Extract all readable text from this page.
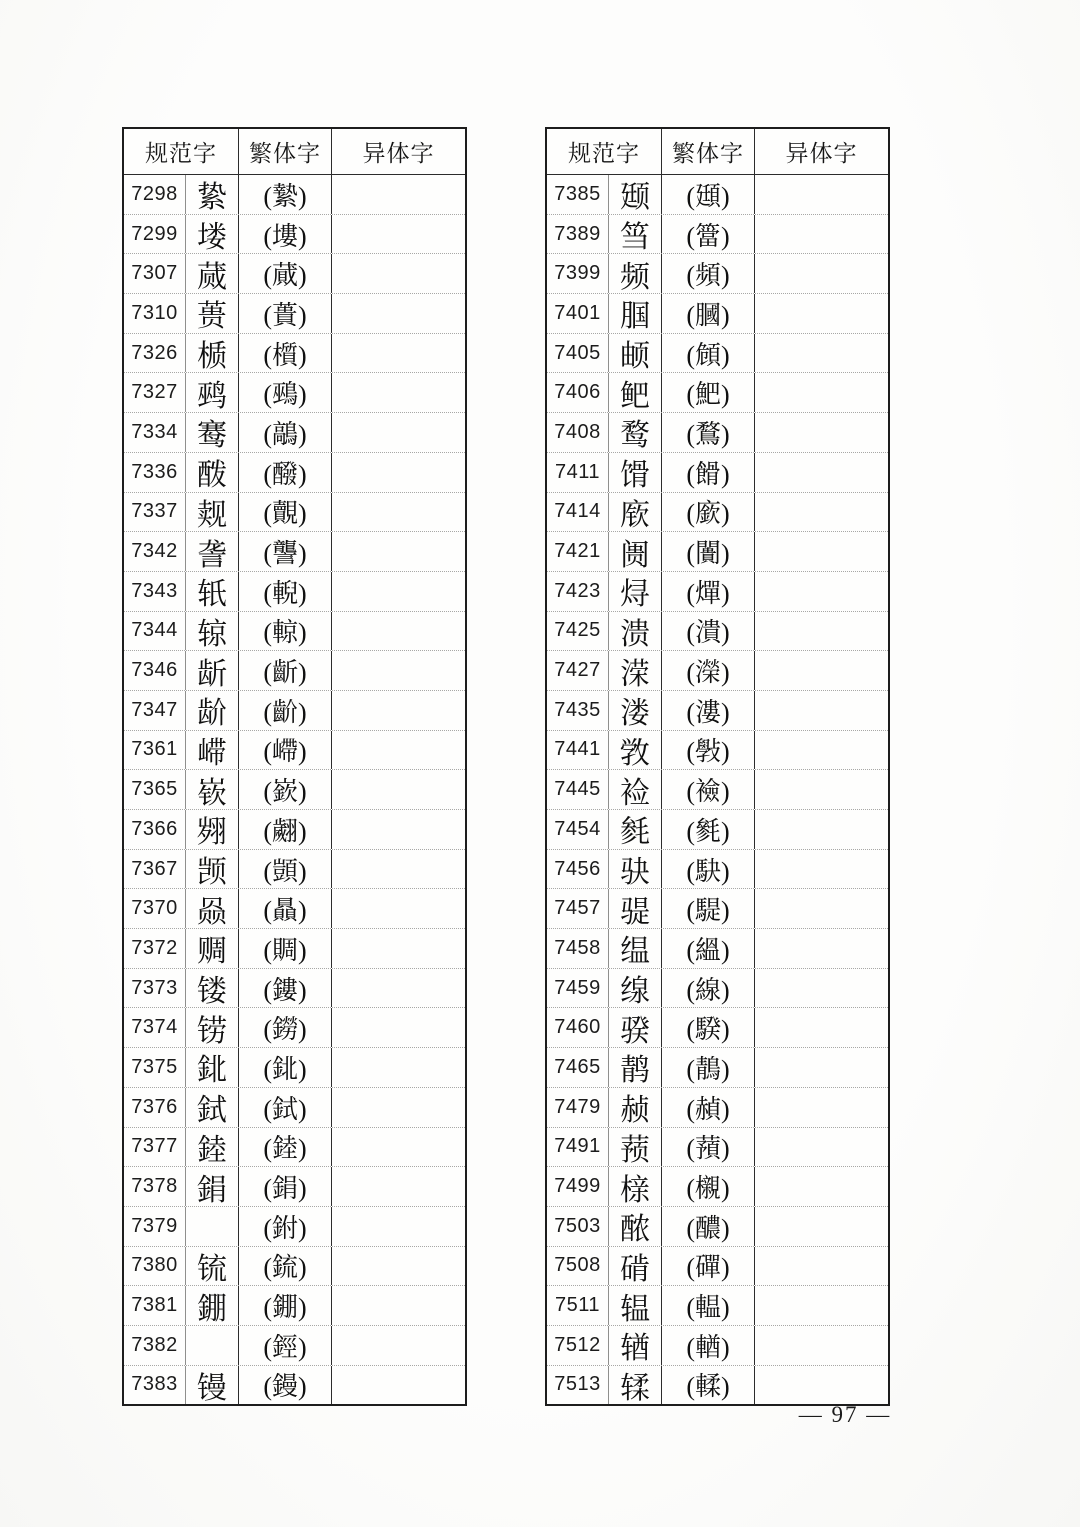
规范字	繁体字	异体字
7298 絷	(縶)
7299 𪣻	(塿)
7307 蒇	(蕆)
7310 蒉	(蕢)
7326 𬃊	(櫍)
7327 鹀	(鵐)
7334 𬸣	(鶮)
7336 酦	(醱)
7337 觌	(覿)
7342 詟	(讋)
7343 𬨂	(輗)
7344 辌	(輬)
7346 龂	(齗)
7347 𬹼	(齘)
7361 𫶇	(嵽)
7365 嵚	(嶔)
7366 翙	(翽)
7367 𫖮	(顗)
7370 赑	(贔)
7372 赒	(賙)
7373 镂	(鏤)
7374 铹	(鐒)
7375 鉳	(鉳)
7376 鉽	(鉽)
7377 錴	(錴)
7378 鋗	(鋗)
7379 𫓺	(鉜)
7380 锍	(鋶)
7381 錋	(錋)
7382 𫓨	(鋞)
7383 镘	(鏝)
规范字	繁体字	异体字
7385 颋	(頲)
7389 筜	(簹)
7399 频	(頻)
7401 腘	(膕)
7405 𬱖	(頠)
7406 鲃	(䰾)
7408 鹜	(鶩)
7411 馉	(餶)
7414 𫷷	(廞)
7421 阓	(闠)
7423 𬊈	(燀)
7425 溃	(潰)
7427 溁	(濚)
7435 溇	(漊)
7441 敩	(斅)
7445 裣	(襝)
7454 毵	(毿)
7456 𫘝	(駃)
7457 𫘨	(騠)
7458 缊	(縕)
7459 缐	(線)
7460 骙	(騤)
7465 䴖	(鶄)
7479 赪	(赬)
7491 蓣	(蕷)
7499 榇	(櫬)
7503 𬪩	(醲)
7508 𬒔	(磾)
7511 辒	(輼)
7512 𬨎	(輶)
7513 𫐓	(輮)
— 97 —
